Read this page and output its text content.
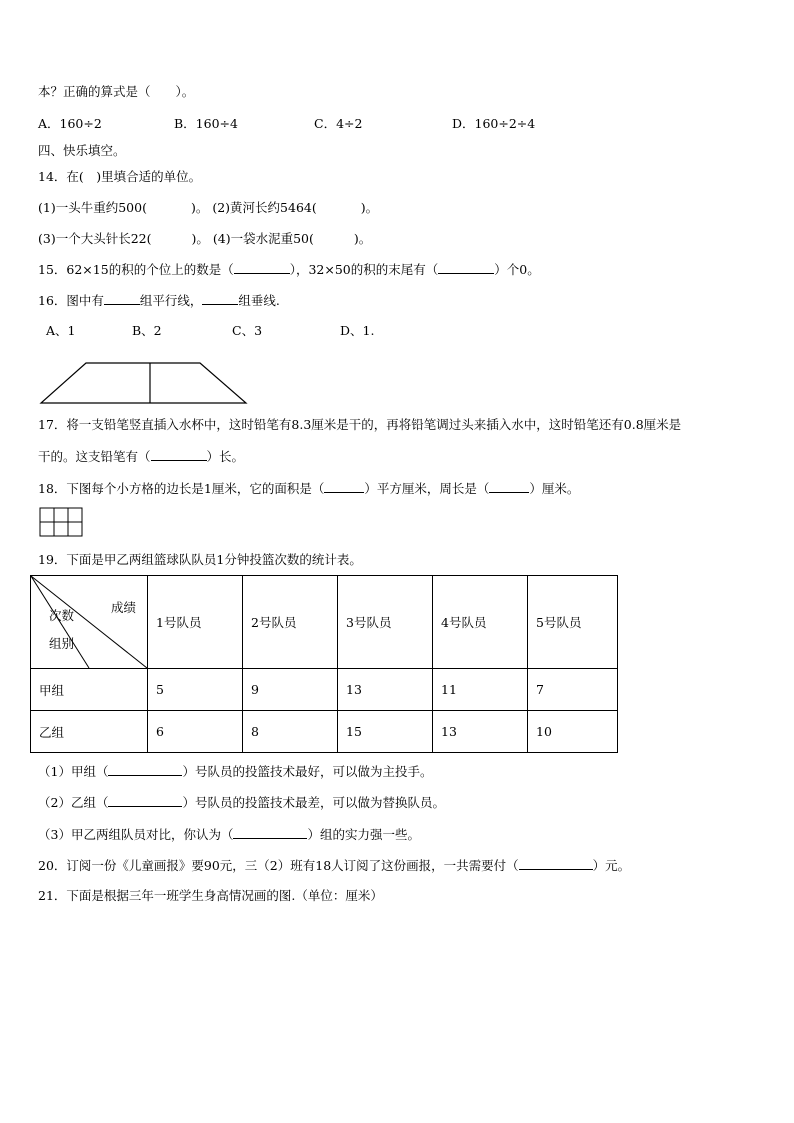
本？正确的算式是（　　）。
A．160÷2	B．160÷4	C．4÷2	D．160÷2÷4
四、快乐填空。
14．在(　)里填合适的单位。
(1)一头牛重约500(	)。 (2)黄河长约5464(	)。
(3)一个大头针长22(	)。 (4)一袋水泥重50(	)。
15．62×15的积的个位上的数是（	），32×50的积的末尾有（	）个0。
16．图中有	组平行线，	组垂线.
A、1	B、2	C、3	D、1.
17．将一支铅笔竖直插入水杯中，这时铅笔有8.3厘米是干的，再将铅笔调过头来插入水中，这时铅笔还有0.8厘米是
干的。这支铅笔有（	）长。
18．下图每个小方格的边长是1厘米，它的面积是（	）平方厘米，周长是（	）厘米。
19．下面是甲乙两组篮球队队员1分钟投篮次数的统计表。
次数
成绩
组别	1号队员	2号队员	3号队员	4号队员	5号队员
甲组	5	9	13	11	7
乙组	6	8	15	13	10
（1）甲组（	）号队员的投篮技术最好，可以做为主投手。
（2）乙组（	）号队员的投篮技术最差，可以做为替换队员。
（3）甲乙两组队员对比，你认为（	）组的实力强一些。
20．订阅一份《儿童画报》要90元，三（2）班有18人订阅了这份画报，一共需要付（	）元。
21．下面是根据三年一班学生身高情况画的图.（单位：厘米）
